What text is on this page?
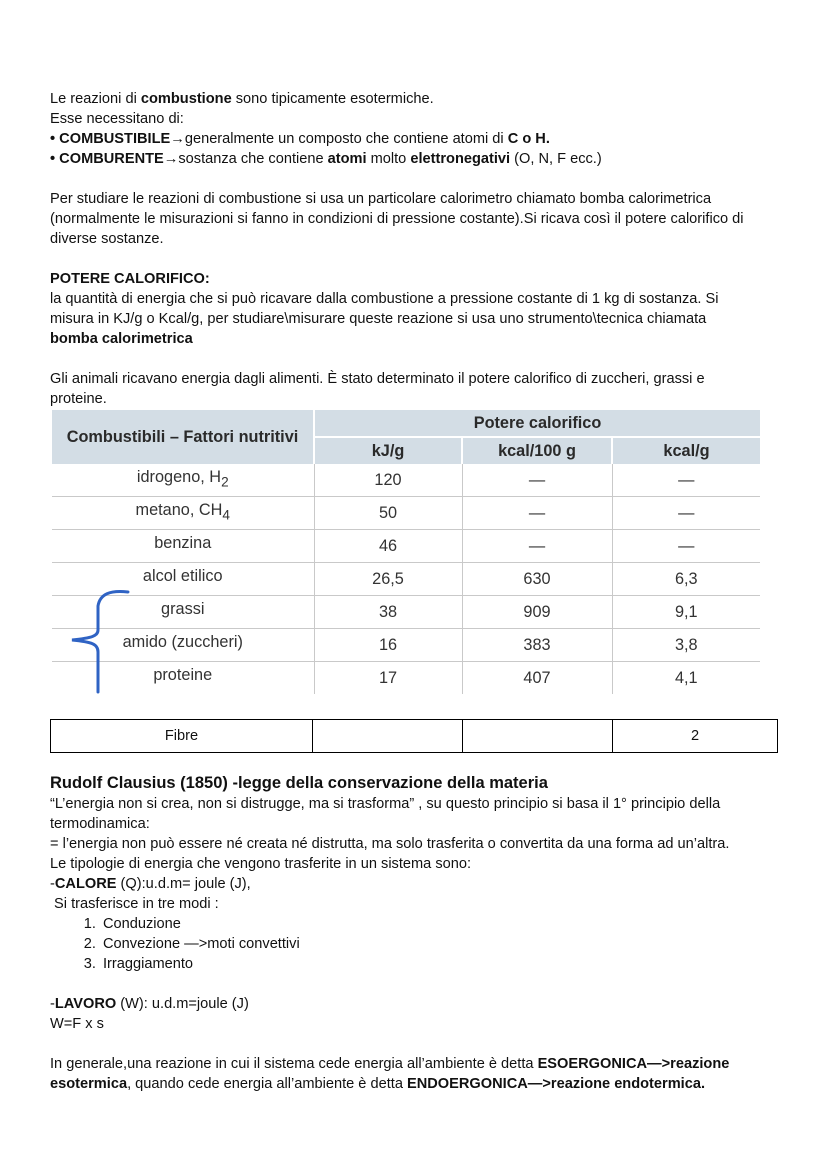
Le reazioni di combustione sono tipicamente esotermiche.

Esse necessitano di:

• COMBUSTIBILE→generalmente un composto che contiene atomi di C o H.

• COMBURENTE→sostanza che contiene atomi molto elettronegativi (O, N, F ecc.)

Per studiare le reazioni di combustione si usa un particolare calorimetro chiamato bomba calorimetrica

(normalmente le misurazioni si fanno in condizioni di pressione costante).Si ricava così il potere calorifico di

diverse sostanze.

POTERE CALORIFICO:

la quantità di energia che si può ricavare dalla combustione a pressione costante di 1 kg di sostanza. Si

misura in KJ/g o Kcal/g, per studiare\misurare queste reazione si usa uno strumento\tecnica chiamata

bomba calorimetrica

Gli animali ricavano energia dagli alimenti. È stato determinato il potere calorifico di zuccheri, grassi e

proteine.

Combustibili – Fattori nutritivi	Potere calorifico		
	kJ/g	kcal/100 g	kcal/g
idrogeno, $H_2$	120	—	—
metano, $CH_4$	50	—	—
benzina	46	—	—
alcol etilico	26,5	630	6,3
grassi	38	909	9,1
amido (zuccheri)	16	383	3,8
proteine	17	407	4,1
Fibre			2

Rudolf Clausius (1850) -legge della conservazione della materia

“L’energia non si crea, non si distrugge, ma si trasforma” , su questo principio si basa il 1° principio della

termodinamica:

= l’energia non può essere né creata né distrutta, ma solo trasferita o convertita da una forma ad un’altra.

Le tipologie di energia che vengono trasferite in un sistema sono:

-CALORE (Q):u.d.m= joule (J),

Si trasferisce in tre modi :

1. Conduzione
2. Convezione —>moti convettivi
3. Irraggiamento

-LAVORO (W): u.d.m=joule (J)

W=F x s

In generale,una reazione in cui il sistema cede energia all’ambiente è detta ESOERGONICA—>reazione

esotermica, quando cede energia all’ambiente è detta ENDOERGONICA—>reazione endotermica.
